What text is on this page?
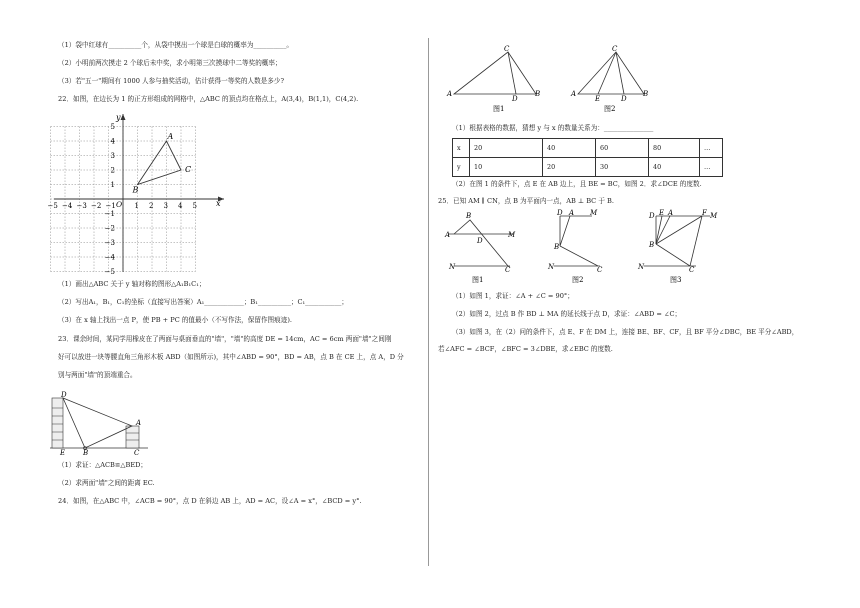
（1）袋中红球有__________个，从袋中摸出一个球是白球的概率为__________。
（2）小明前两次摸走 2 个球后未中奖，求小明第三次摸球中二等奖的概率；
（3）若"五一"期间有 1000 人参与抽奖活动，估计获得一等奖的人数是多少?
22．如图，在边长为 1 的正方形组成的网格中，△ABC 的顶点均在格点上，A(3,4)，B(1,1)，C(4,2).
x
y
O
−5 −4 −3 −2 −1	1 2 3 4 5
5
4
3
2
1
−1
−2
−3
−4
−5
A
B
C
（1）画出△ABC 关于 y 轴对称的图形△A₁B₁C₁；
（2）写出A₁，B₁，C₁的坐标（直接写出答案）A₁____________；B₁__________；C₁___________；
（3）在 x 轴上找出一点 P，使 PB + PC 的值最小（不写作法，保留作图痕迹).
23．课余时间，某同学用橡皮在了两面与桌面垂直的"墙"，"墙"的高度 DE = 14cm，AC = 6cm 两面"墙"之间刚
好可以放进一块等腰直角三角形木板 ABD（如图所示)，其中∠ABD = 90°，BD = AB，点 B 在 CE 上，点 A，D 分
别与两面"墙"的顶端重合。
D
A
B
E	C
（1）求证：△ACB≌△BED；
（2）求两面"墙"之间的距离 EC.
24．如图，在△ABC 中，∠ACB = 90°，点 D 在斜边 AB 上，AD = AC，设∠A = x°，∠BCD = y°.
A
C
D
B	A
C
E	D
B
图1	图2
（1）根据表格的数据，猜想 y 与 x 的数量关系为：_______________
x	20	40	60	80	…
y	10	20	30	40	…
（2）在图 1 的条件下，点 E 在 AB 边上，且 BE = BC，如图 2．求∠DCE 的度数.
25．已知 AM ∥ CN，点 B 为平面内一点，AB ⊥ BC 于 B.
A
B
D
M
N	C
图1
D A M
B
N	C
图2
D E A	F M
B
N	C
图3
（1）如图 1，求证：∠A + ∠C = 90°；
（2）如图 2，过点 B 作 BD ⊥ MA 的延长线于点 D，求证：∠ABD = ∠C；
（3）如图 3，在（2）问的条件下，点 E、F 在 DM 上，连接 BE、BF、CF，且 BF 平分∠DBC，BE 平分∠ABD，
若∠AFC = ∠BCF，∠BFC = 3∠DBE，求∠EBC 的度数.
